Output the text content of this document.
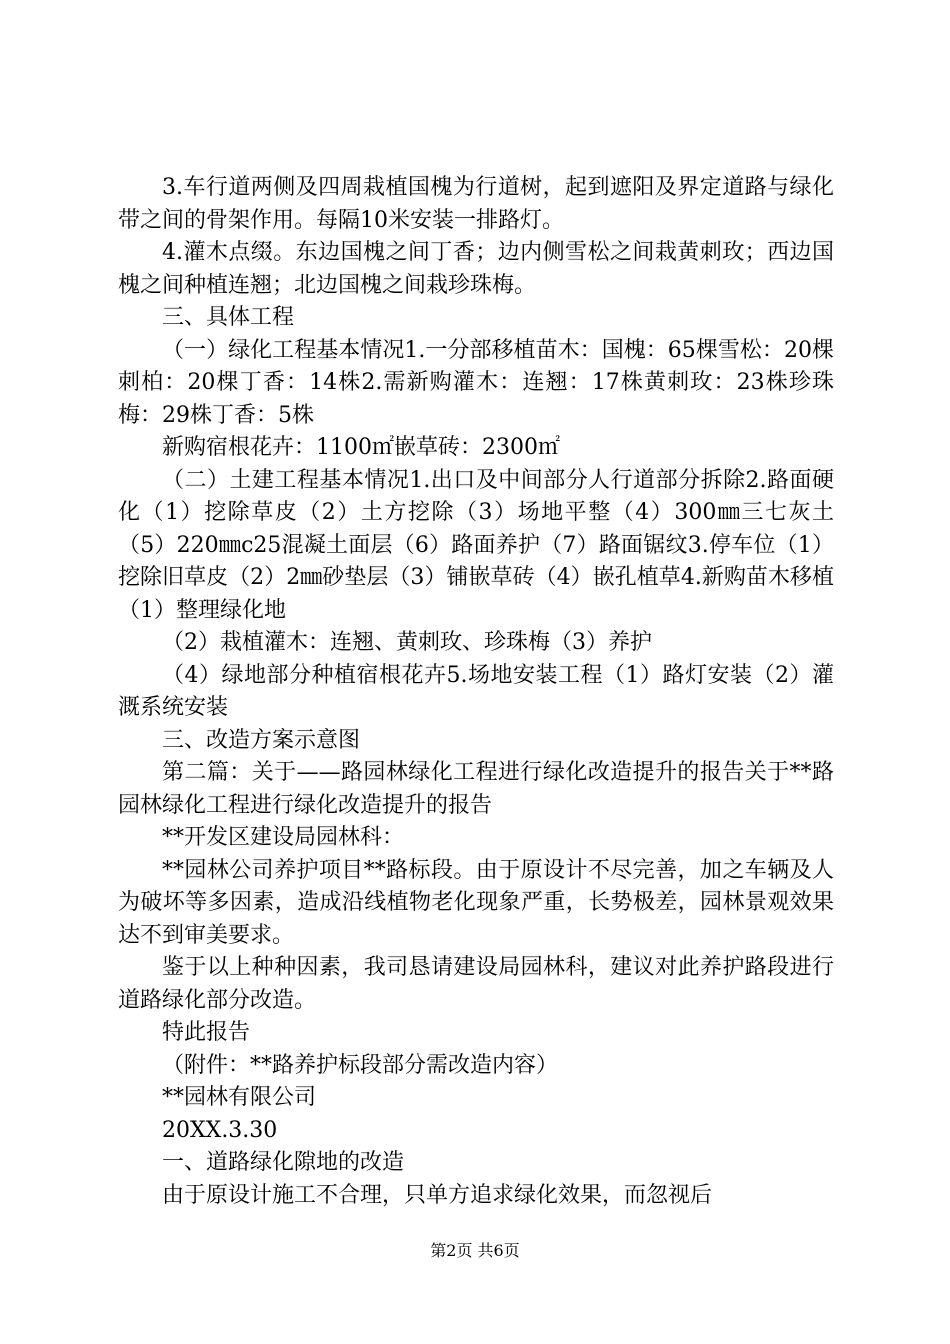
3.车行道两侧及四周栽植国槐为行道树，起到遮阳及界定道路与绿化带之间的骨架作用。每隔10米安装一排路灯。

4.灌木点缀。东边国槐之间丁香；边内侧雪松之间栽黄刺玫；西边国槐之间种植连翘；北边国槐之间栽珍珠梅。

三、具体工程

（一）绿化工程基本情况1.一分部移植苗木：国槐：65棵雪松：20棵刺柏：20棵丁香：14株2.需新购灌木：连翘：17株黄刺玫：23株珍珠梅：29株丁香：5株

新购宿根花卉：1100㎡嵌草砖：2300㎡

（二）土建工程基本情况1.出口及中间部分人行道部分拆除2.路面硬化（1）挖除草皮（2）土方挖除（3）场地平整（4）300㎜三七灰土（5）220㎜c25混凝土面层（6）路面养护（7）路面锯纹3.停车位（1）挖除旧草皮（2）2㎜砂垫层（3）铺嵌草砖（4）嵌孔植草4.新购苗木移植（1）整理绿化地

（2）栽植灌木：连翘、黄刺玫、珍珠梅（3）养护

（4）绿地部分种植宿根花卉5.场地安装工程（1）路灯安装（2）灌溉系统安装

三、改造方案示意图

第二篇：关于——路园林绿化工程进行绿化改造提升的报告关于**路园林绿化工程进行绿化改造提升的报告

**开发区建设局园林科：

**园林公司养护项目**路标段。由于原设计不尽完善，加之车辆及人为破坏等多因素，造成沿线植物老化现象严重，长势极差，园林景观效果达不到审美要求。

鉴于以上种种因素，我司恳请建设局园林科，建议对此养护路段进行道路绿化部分改造。

特此报告

（附件：**路养护标段部分需改造内容）

**园林有限公司

20XX.3.30

一、道路绿化隙地的改造

由于原设计施工不合理，只单方追求绿化效果，而忽视后

第2页 共6页
